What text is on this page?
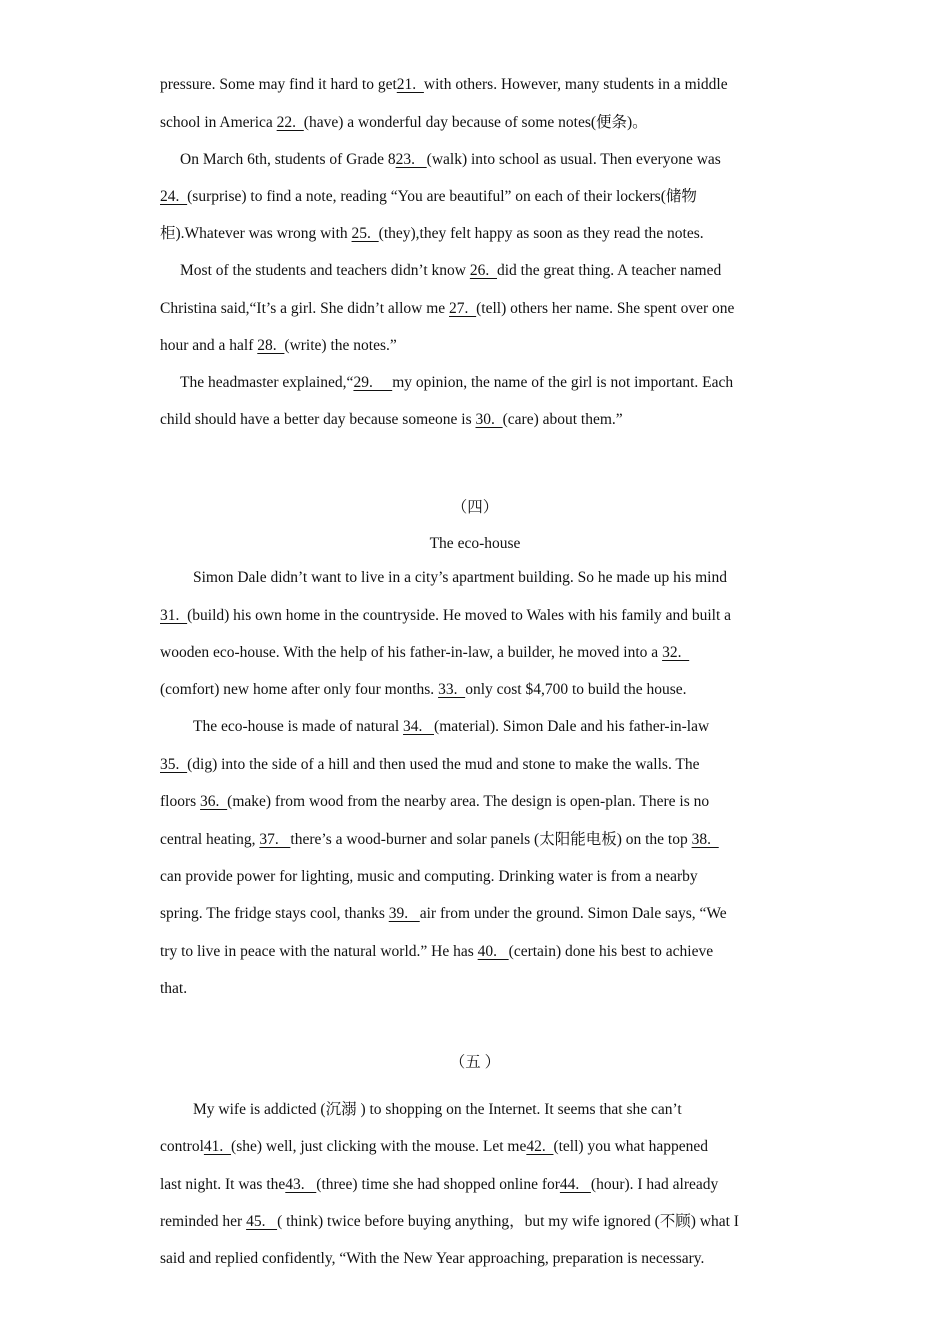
pressure. Some may find it hard to get21.  with others. However, many students in a middle
school in America 22.  (have) a wonderful day because of some notes(便条)。
On March 6th, students of Grade 823.   (walk) into school as usual. Then everyone was
24.  (surprise) to find a note, reading “You are beautiful” on each of their lockers(储物
柜).Whatever was wrong with 25.  (they),they felt happy as soon as they read the notes.
Most of the students and teachers didn’t know 26.  did the great thing. A teacher named
Christina said,“It’s a girl. She didn’t allow me 27.  (tell) others her name. She spent over one
hour and a half 28.  (write) the notes.”
The headmaster explained,“29.     my opinion, the name of the girl is not important. Each
child should have a better day because someone is 30.  (care) about them.”
（四）
The eco-house
Simon Dale didn’t want to live in a city’s apartment building. So he made up his mind
31.  (build) his own home in the countryside. He moved to Wales with his family and built a
wooden eco-house. With the help of his father-in-law, a builder, he moved into a 32.
(comfort) new home after only four months. 33.  only cost $4,700 to build the house.
The eco-house is made of natural 34.   (material). Simon Dale and his father-in-law
35.  (dig) into the side of a hill and then used the mud and stone to make the walls. The
floors 36.  (make) from wood from the nearby area. The design is open-plan. There is no
central heating, 37.   there’s a wood-burner and solar panels (太阳能电板) on the top 38.
can provide power for lighting, music and computing. Drinking water is from a nearby
spring. The fridge stays cool, thanks 39.   air from under the ground. Simon Dale says, “We
try to live in peace with the natural world.” He has 40.   (certain) done his best to achieve
that.
（五 ）
My wife is addicted (沉溺 ) to shopping on the Internet. It seems that she can’t
control41.  (she) well, just clicking with the mouse. Let me42.  (tell) you what happened
last night. It was the43.   (three) time she had shopped online for44.   (hour). I had already
reminded her 45.   ( think) twice before buying anything，but my wife ignored (不顾) what I
said and replied confidently, “With the New Year approaching, preparation is necessary.
